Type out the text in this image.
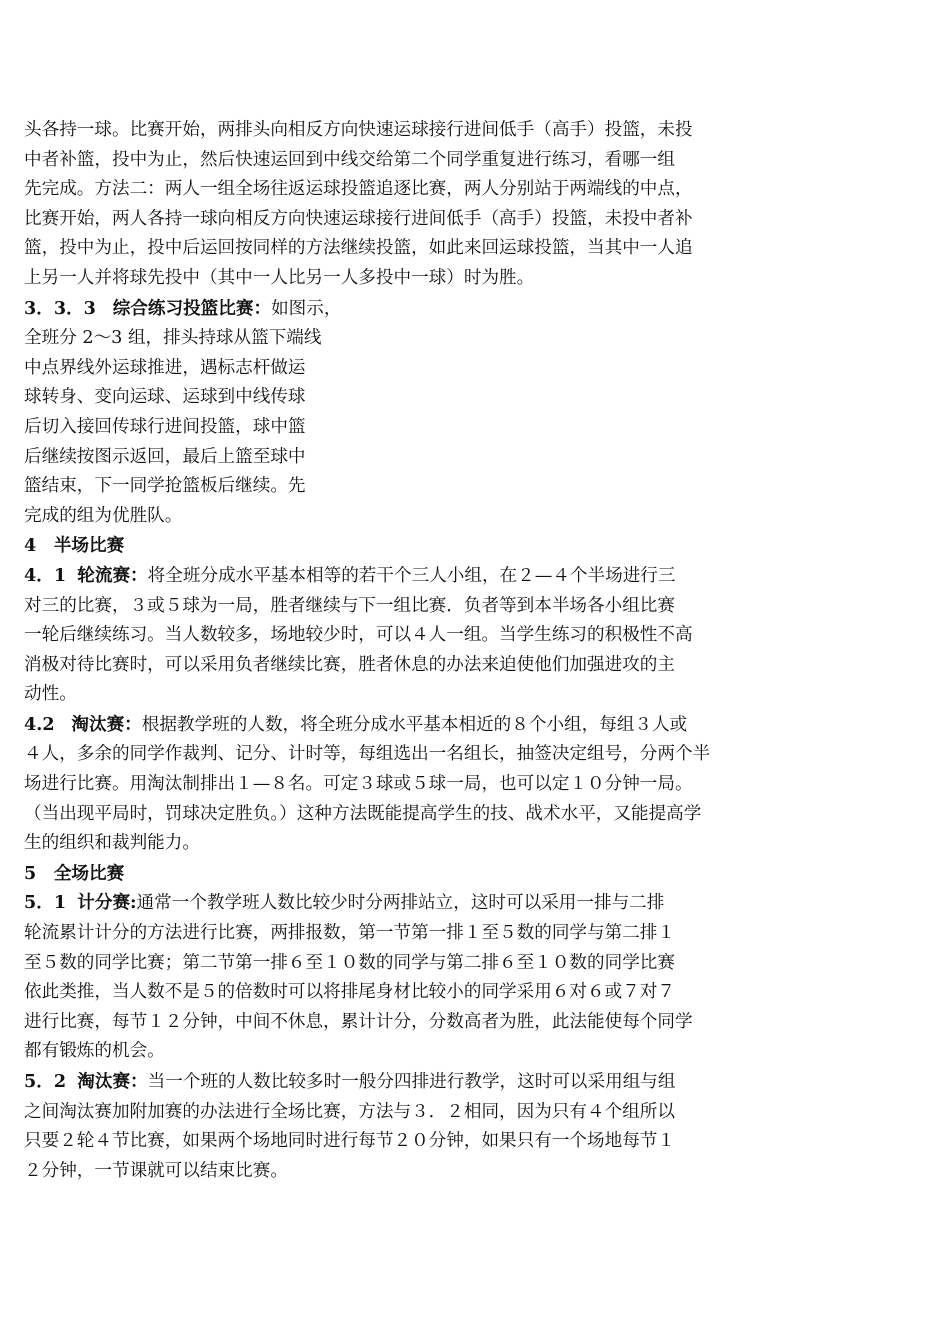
头各持一球。比赛开始，两排头向相反方向快速运球接行进间低手（高手）投篮，未投
中者补篮，投中为止，然后快速运回到中线交给第二个同学重复进行练习，看哪一组
先完成。方法二：两人一组全场往返运球投篮追逐比赛，两人分别站于两端线的中点，
比赛开始，两人各持一球向相反方向快速运球接行进间低手（高手）投篮，未投中者补
篮，投中为止，投中后运回按同样的方法继续投篮，如此来回运球投篮，当其中一人追
上另一人并将球先投中（其中一人比另一人多投中一球）时为胜。
3．3．3 综合练习投篮比赛：如图示，
全班分 2～3 组，排头持球从篮下端线
中点界线外运球推进，遇标志杆做运
球转身、变向运球、运球到中线传球
后切入接回传球行进间投篮，球中篮
后继续按图示返回，最后上篮至球中
篮结束，下一同学抢篮板后继续。先
完成的组为优胜队。
4　半场比赛
4．1 轮流赛：将全班分成水平基本相等的若干个三人小组，在２—４个半场进行三
对三的比赛，３或５球为一局，胜者继续与下一组比赛．负者等到本半场各小组比赛
一轮后继续练习。当人数较多，场地较少时，可以４人一组。当学生练习的积极性不高
消极对待比赛时，可以采用负者继续比赛，胜者休息的办法来迫使他们加强进攻的主
动性。
4.2 淘汰赛：根据教学班的人数，将全班分成水平基本相近的８个小组，每组３人或
４人，多余的同学作裁判、记分、计时等，每组选出一名组长，抽签决定组号，分两个半
场进行比赛。用淘汰制排出１—８名。可定３球或５球一局，也可以定１０分钟一局。
（当出现平局时，罚球决定胜负。）这种方法既能提高学生的技、战术水平，又能提高学
生的组织和裁判能力。
5　全场比赛
5．1 计分赛:通常一个教学班人数比较少时分两排站立，这时可以采用一排与二排
轮流累计计分的方法进行比赛，两排报数，第一节第一排１至５数的同学与第二排１
至５数的同学比赛；第二节第一排６至１０数的同学与第二排６至１０数的同学比赛
依此类推，当人数不是５的倍数时可以将排尾身材比较小的同学采用６对６或７对７
进行比赛，每节１２分钟，中间不休息，累计计分，分数高者为胜，此法能使每个同学
都有锻炼的机会。
5．2 淘汰赛：当一个班的人数比较多时一般分四排进行教学，这时可以采用组与组
之间淘汰赛加附加赛的办法进行全场比赛，方法与３．２相同，因为只有４个组所以
只要２轮４节比赛，如果两个场地同时进行每节２０分钟，如果只有一个场地每节１
２分钟，一节课就可以结束比赛。
